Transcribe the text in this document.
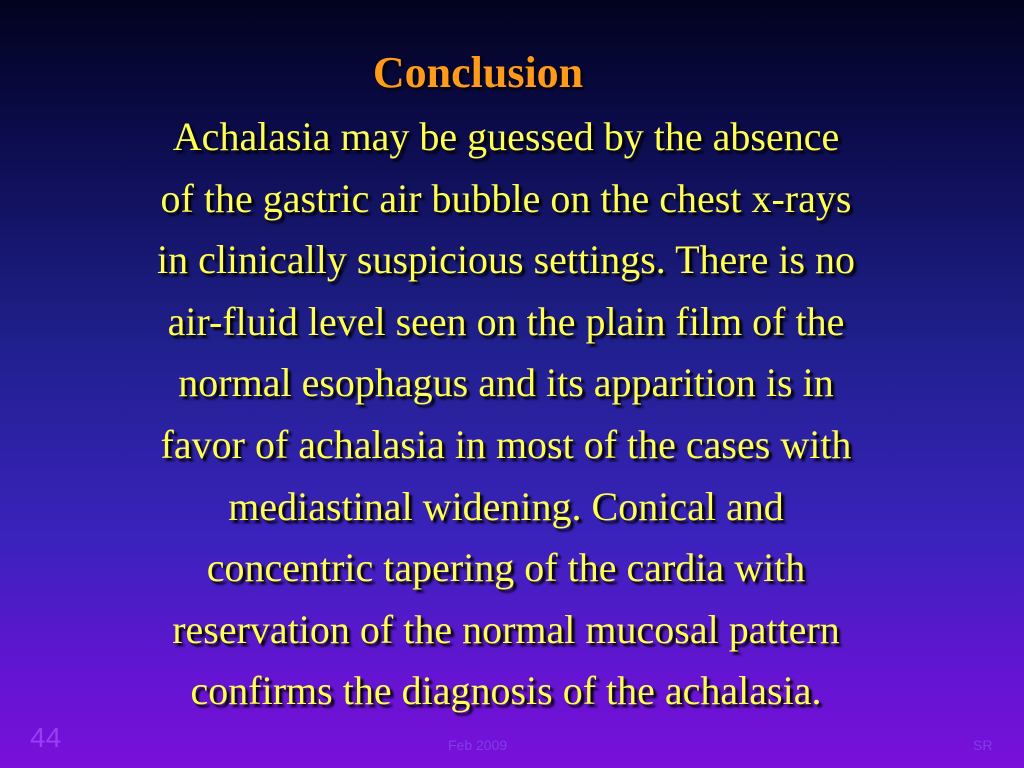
Conclusion
Achalasia may be guessed by the absence
of the gastric air bubble on the chest x-rays
in clinically suspicious settings. There is no
air-fluid level seen on the plain film of the
normal esophagus and its apparition is in
favor of achalasia in most of the cases with
mediastinal widening. Conical and
concentric tapering of the cardia with
reservation of the normal mucosal pattern
confirms the diagnosis of the achalasia.
44	Feb 2009	SR
